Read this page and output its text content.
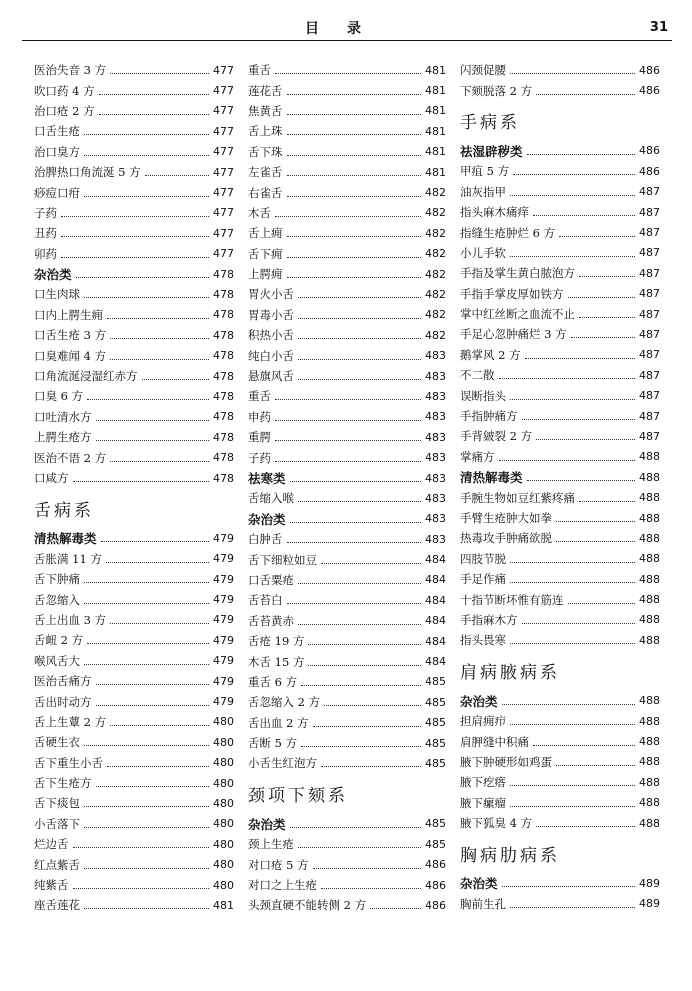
目录	31
医治失音 3 方	477
吹口药 4 方	477
治口疮 2 方	477
口舌生疮	477
治口臭方	477
治脾热口角流涎 5 方	477
痧痘口疳	477
子药	477
丑药	477
卯药	477
杂治类	478
口生肉球	478
口内上腭生痈	478
口舌生疮 3 方	478
口臭难闻 4 方	478
口角流涎浸湿红赤方	478
口臭 6 方	478
口吐清水方	478
上腭生疮方	478
医治不语 2 方	478
口咸方	478
舌病系
清热解毒类	479
舌胀满 11 方	479
舌下肿痛	479
舌忽缩入	479
舌上出血 3 方	479
舌衄 2 方	479
喉风舌大	479
医治舌痛方	479
舌出时动方	479
舌上生蕈 2 方	480
舌硬生衣	480
舌下重生小舌	480
舌下生疮方	480
舌下痰包	480
小舌落下	480
烂边舌	480
红点紫舌	480
纯紫舌	480
座舌莲花	481
重舌	481
莲花舌	481
焦黄舌	481
舌上珠	481
舌下珠	481
左雀舌	481
右雀舌	482
木舌	482
舌上痈	482
舌下痈	482
上腭痈	482
胃火小舌	482
胃毒小舌	482
积热小舌	482
纯白小舌	483
悬旗风舌	483
重舌	483
申药	483
重腭	483
子药	483
祛寒类	483
舌缩入喉	483
杂治类	483
白肿舌	483
舌下细粒如豆	484
口舌粟疮	484
舌苔白	484
舌苔黄赤	484
舌疮 19 方	484
木舌 15 方	484
重舌 6 方	485
舌忽缩入 2 方	485
舌出血 2 方	485
舌断 5 方	485
小舌生红泡方	485
颈项下颏系
杂治类	485
颈上生疮	485
对口疮 5 方	486
对口之上生疮	486
头颈直硬不能转侧 2 方	486
闪颈促腰	486
下颏脱落 2 方	486
手病系
祛湿辟秽类	486
甲疽 5 方	486
油灰指甲	487
指头麻木痛痒	487
指缝生疮肿烂 6 方	487
小儿手软	487
手指及掌生黄白脓泡方	487
手指手掌皮厚如铁方	487
掌中红丝断之血流不止	487
手足心忽肿痛烂 3 方	487
鹅掌风 2 方	487
不二散	487
误断指头	487
手指肿痛方	487
手背皴裂 2 方	487
掌痛方	488
清热解毒类	488
手腕生物如豆红紫疼痛	488
手臂生疮肿大如拳	488
热毒攻手肿痛欲脱	488
四肢节脱	488
手足作痛	488
十指节断坏惟有筋连	488
手指麻木方	488
指头畏寒	488
肩病腋病系
杂治类	488
担肩痈疖	488
肩胛缝中积痛	488
腋下肿硬形如鸡蛋	488
腋下疙瘩	488
腋下瘰瘤	488
腋下狐臭 4 方	488
胸病肋病系
杂治类	489
胸前生孔	489
